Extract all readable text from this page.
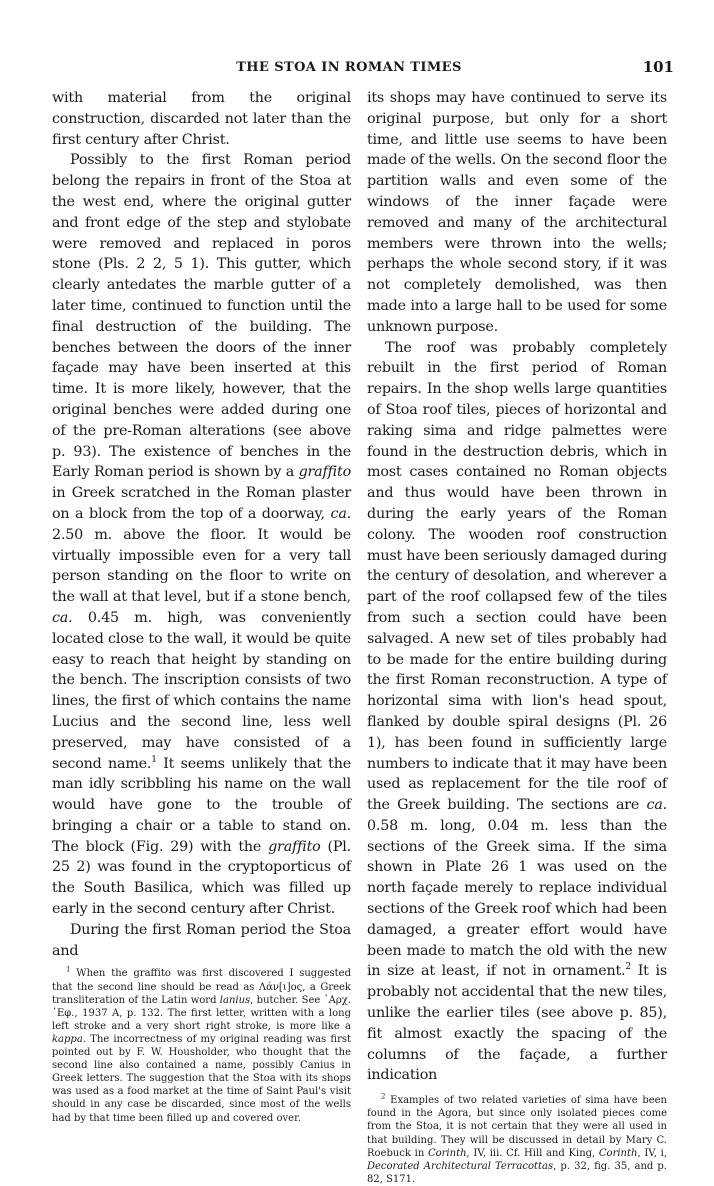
THE STOA IN ROMAN TIMES	101

with material from the original construction, discarded not later than the first century after Christ.

Possibly to the first Roman period belong the repairs in front of the Stoa at the west end, where the original gutter and front edge of the step and stylobate were removed and replaced in poros stone (Pls. 2 2, 5 1). This gutter, which clearly antedates the marble gutter of a later time, continued to function until the final destruction of the building. The benches between the doors of the inner façade may have been inserted at this time. It is more likely, however, that the original benches were added during one of the pre-Roman alterations (see above p. 93). The existence of benches in the Early Roman period is shown by a graffito in Greek scratched in the Roman plaster on a block from the top of a doorway, ca. 2.50 m. above the floor. It would be virtually impossible even for a very tall person standing on the floor to write on the wall at that level, but if a stone bench, ca. 0.45 m. high, was conveniently located close to the wall, it would be quite easy to reach that height by standing on the bench. The inscription consists of two lines, the first of which contains the name Lucius and the second line, less well preserved, may have consisted of a second name.$^1$ It seems unlikely that the man idly scribbling his name on the wall would have gone to the trouble of bringing a chair or a table to stand on. The block (Fig. 29) with the graffito (Pl. 25 2) was found in the cryptoporticus of the South Basilica, which was filled up early in the second century after Christ.

During the first Roman period the Stoa and

$^1$ When the graffito was first discovered I suggested that the second line should be read as Λάν[ι]ος, a Greek transliteration of the Latin word lanius, butcher. See ᾽Αρχ. ᾽Εφ., 1937 A, p. 132. The first letter, written with a long left stroke and a very short right stroke, is more like a kappa. The incorrectness of my original reading was first pointed out by F. W. Housholder, who thought that the second line also contained a name, possibly Canius in Greek letters. The suggestion that the Stoa with its shops was used as a food market at the time of Saint Paul's visit should in any case be discarded, since most of the wells had by that time been filled up and covered over.

its shops may have continued to serve its original purpose, but only for a short time, and little use seems to have been made of the wells. On the second floor the partition walls and even some of the windows of the inner façade were removed and many of the architectural members were thrown into the wells; perhaps the whole second story, if it was not completely demolished, was then made into a large hall to be used for some unknown purpose.

The roof was probably completely rebuilt in the first period of Roman repairs. In the shop wells large quantities of Stoa roof tiles, pieces of horizontal and raking sima and ridge palmettes were found in the destruction debris, which in most cases contained no Roman objects and thus would have been thrown in during the early years of the Roman colony. The wooden roof construction must have been seriously damaged during the century of desolation, and wherever a part of the roof collapsed few of the tiles from such a section could have been salvaged. A new set of tiles probably had to be made for the entire building during the first Roman reconstruction. A type of horizontal sima with lion's head spout, flanked by double spiral designs (Pl. 26 1), has been found in sufficiently large numbers to indicate that it may have been used as replacement for the tile roof of the Greek building. The sections are ca. 0.58 m. long, 0.04 m. less than the sections of the Greek sima. If the sima shown in Plate 26 1 was used on the north façade merely to replace individual sections of the Greek roof which had been damaged, a greater effort would have been made to match the old with the new in size at least, if not in ornament.$^2$ It is probably not accidental that the new tiles, unlike the earlier tiles (see above p. 85), fit almost exactly the spacing of the columns of the façade, a further indication

$^2$ Examples of two related varieties of sima have been found in the Agora, but since only isolated pieces come from the Stoa, it is not certain that they were all used in that building. They will be discussed in detail by Mary C. Roebuck in Corinth, IV, iii. Cf. Hill and King, Corinth, IV, i, Decorated Architectural Terracottas, p. 32, fig. 35, and p. 82, S171.
